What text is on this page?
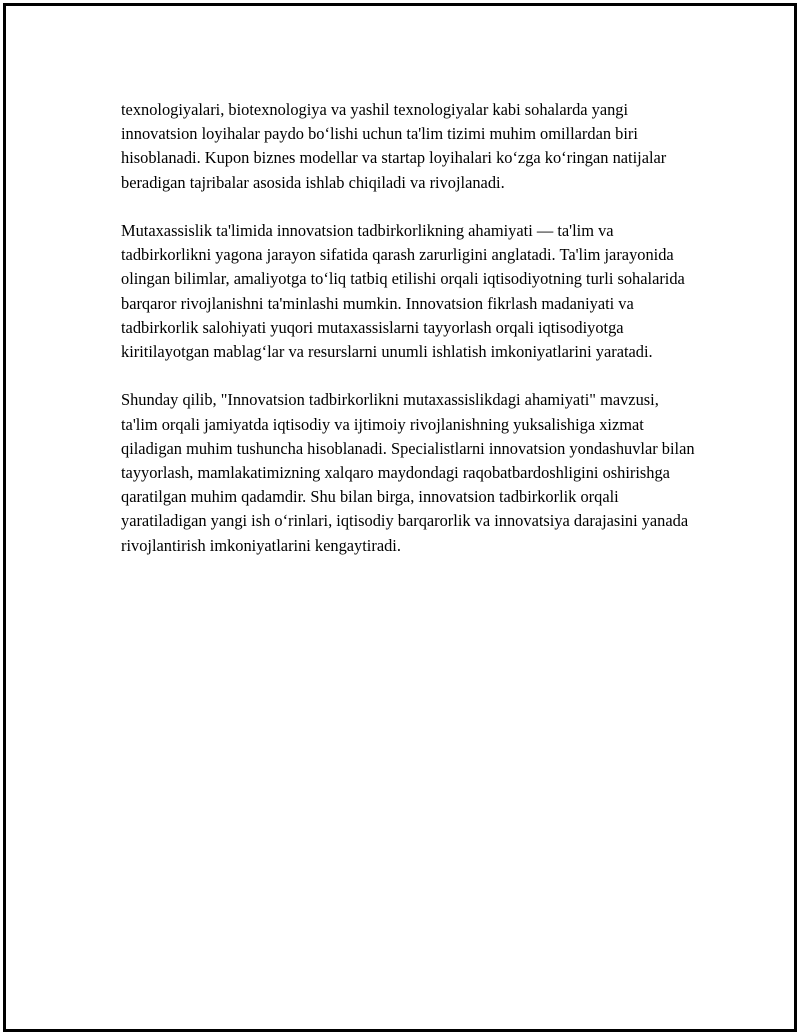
texnologiyalari, biotexnologiya va yashil texnologiyalar kabi sohalarda yangi innovatsion loyihalar paydo bo‘lishi uchun ta'lim tizimi muhim omillardan biri hisoblanadi. Kupon biznes modellar va startap loyihalari ko‘zga ko‘ringan natijalar beradigan tajribalar asosida ishlab chiqiladi va rivojlanadi.

Mutaxassislik ta'limida innovatsion tadbirkorlikning ahamiyati — ta'lim va tadbirkorlikni yagona jarayon sifatida qarash zarurligini anglatadi. Ta'lim jarayonida olingan bilimlar, amaliyotga to‘liq tatbiq etilishi orqali iqtisodiyotning turli sohalarida barqaror rivojlanishni ta'minlashi mumkin. Innovatsion fikrlash madaniyati va tadbirkorlik salohiyati yuqori mutaxassislarni tayyorlash orqali iqtisodiyotga kiritilayotgan mablag‘lar va resurslarni unumli ishlatish imkoniyatlarini yaratadi.

Shunday qilib, "Innovatsion tadbirkorlikni mutaxassislikdagi ahamiyati" mavzusi, ta'lim orqali jamiyatda iqtisodiy va ijtimoiy rivojlanishning yuksalishiga xizmat qiladigan muhim tushuncha hisoblanadi. Specialistlarni innovatsion yondashuvlar bilan tayyorlash, mamlakatimizning xalqaro maydondagi raqobatbardoshligini oshirishga qaratilgan muhim qadamdir. Shu bilan birga, innovatsion tadbirkorlik orqali yaratiladigan yangi ish o‘rinlari, iqtisodiy barqarorlik va innovatsiya darajasini yanada rivojlantirish imkoniyatlarini kengaytiradi.
